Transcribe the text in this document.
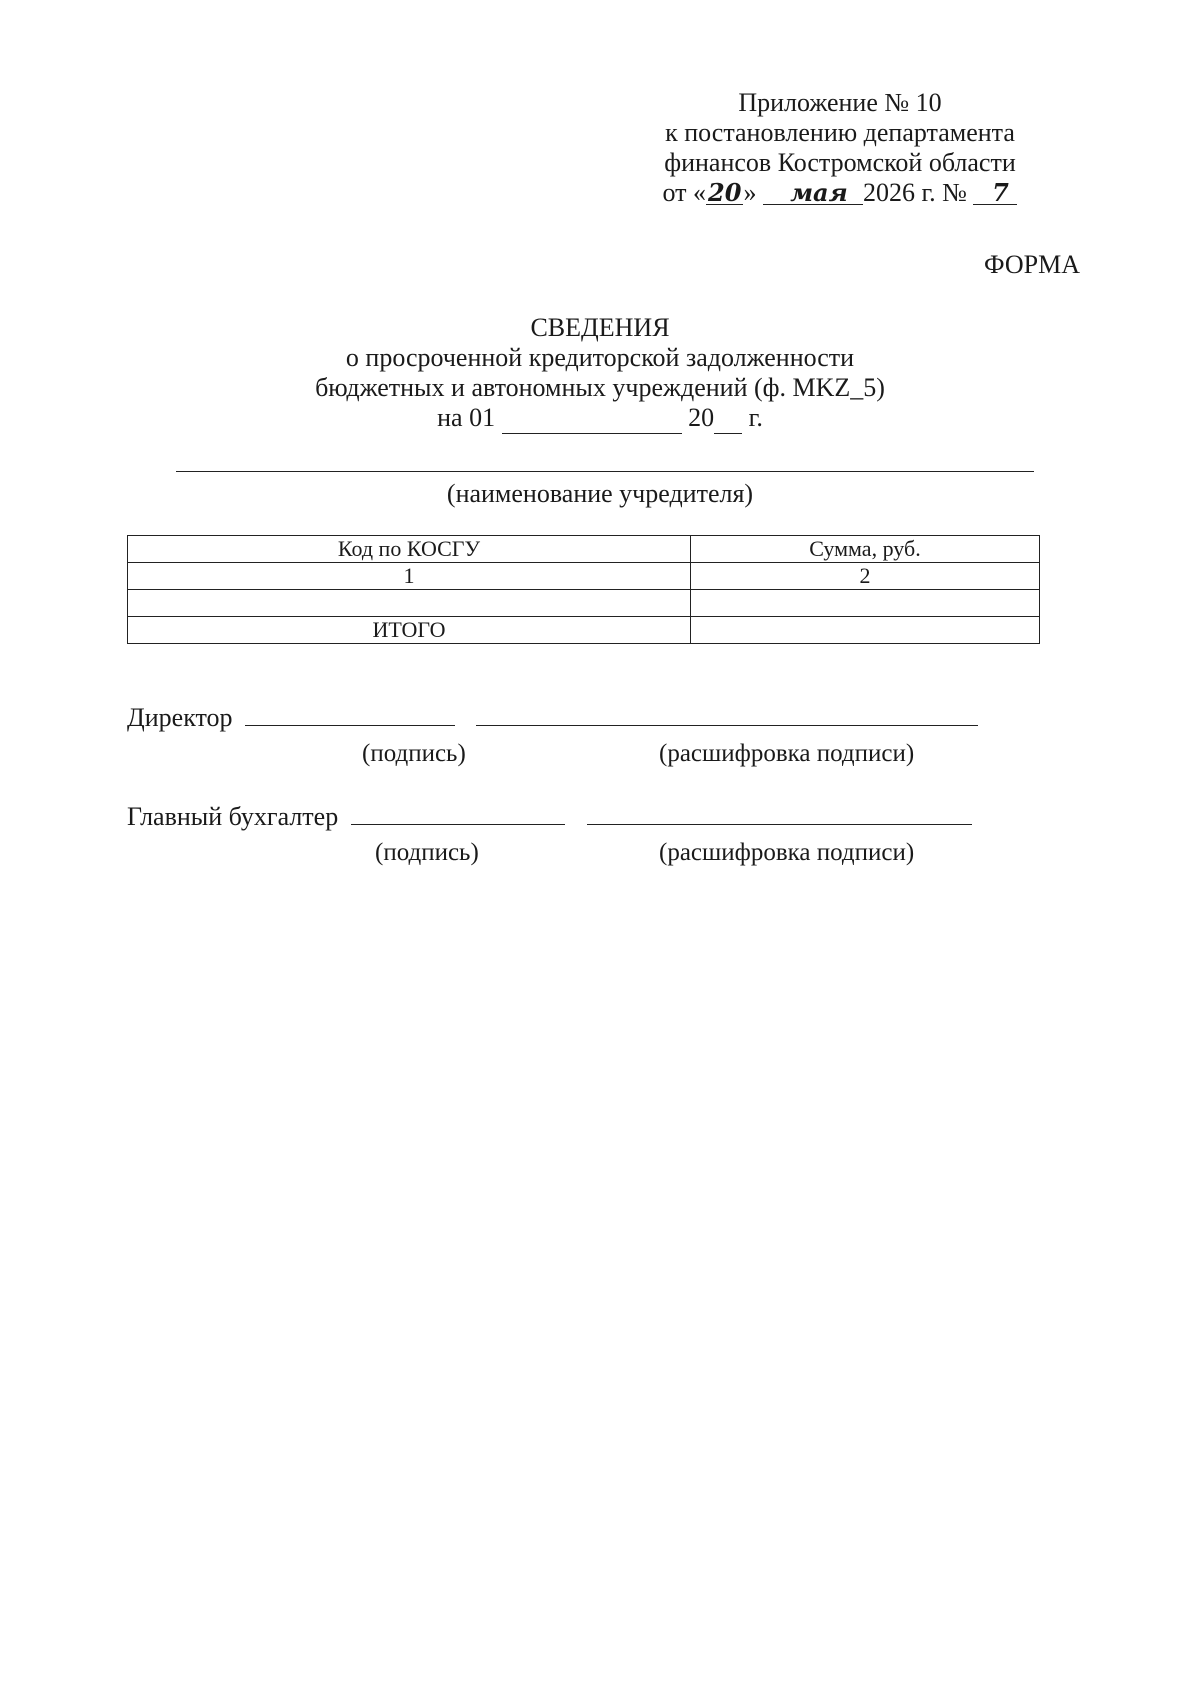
Приложение № 10
к постановлению департамента
финансов Костромской области
от «
20» мая 2026 г. № 7
ФОРМА
СВЕДЕНИЯ
о просроченной кредиторской задолженности
бюджетных и автономных учреждений (ф. MKZ_5)
на 01	20 г.
(наименование учредителя)
Код по КОСГУ	Сумма, руб.
1	2

ИТОГО	
Директор
(подпись)	(расшифровка подписи)
Главный бухгалтер
(подпись)	(расшифровка подписи)
